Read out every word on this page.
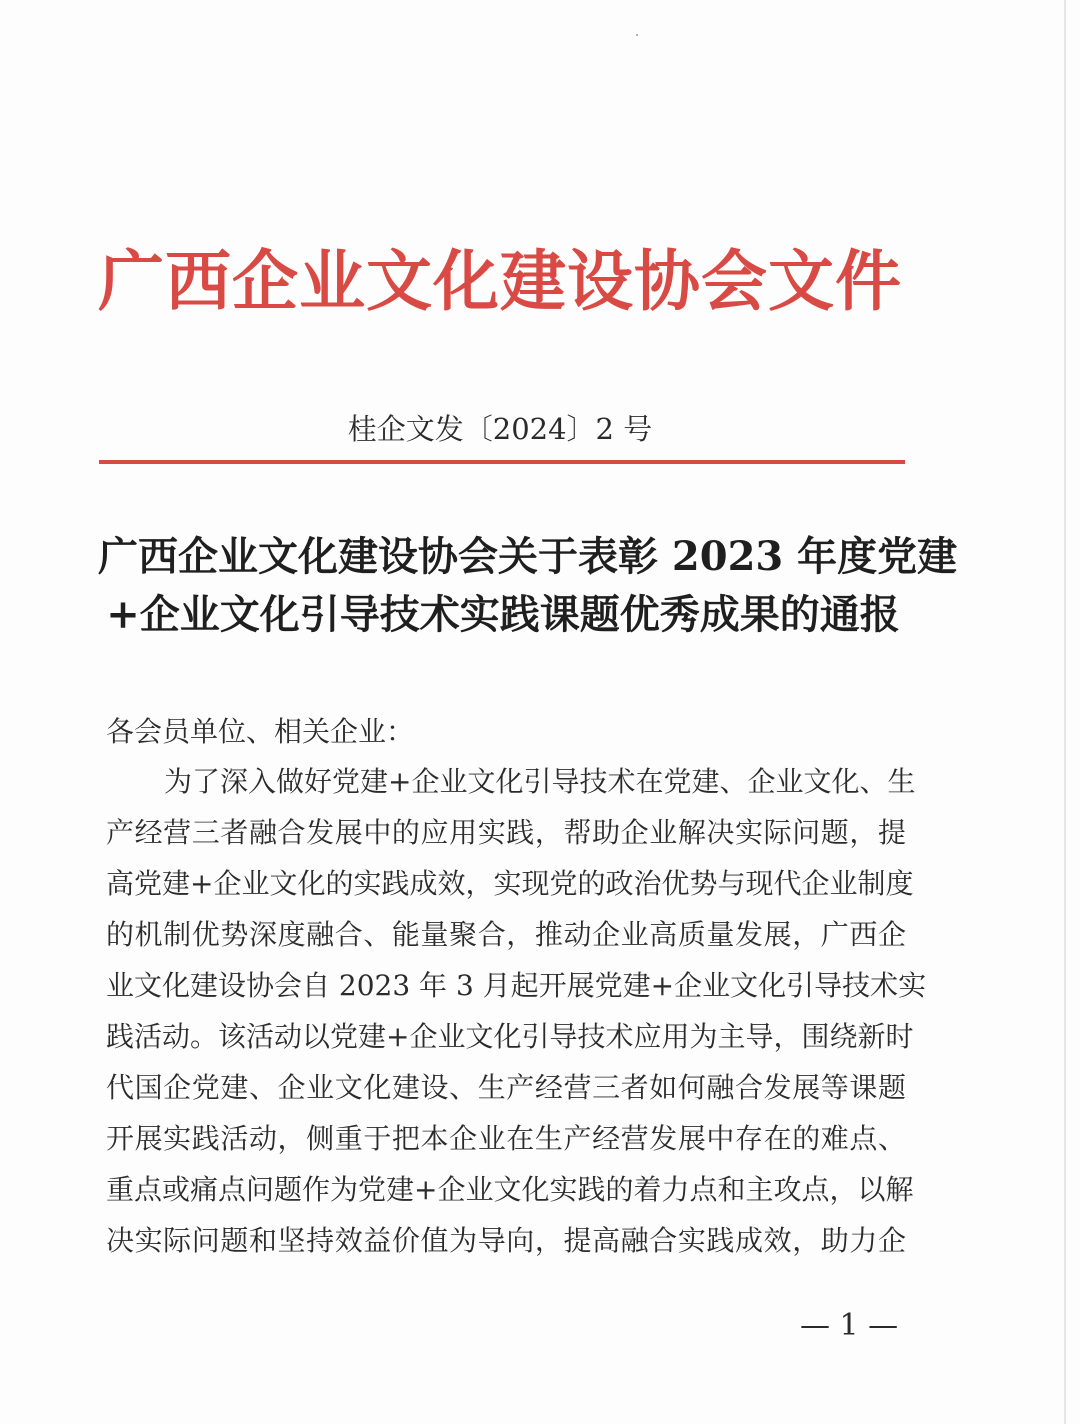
广西企业文化建设协会文件
桂企文发〔2024〕2 号
广西企业文化建设协会关于表彰 2023 年度党建
+企业文化引导技术实践课题优秀成果的通报
各会员单位、相关企业：
为了深入做好党建+企业文化引导技术在党建、企业文化、生
产经营三者融合发展中的应用实践，帮助企业解决实际问题，提
高党建+企业文化的实践成效，实现党的政治优势与现代企业制度
的机制优势深度融合、能量聚合，推动企业高质量发展，广西企
业文化建设协会自 2023 年 3 月起开展党建+企业文化引导技术实
践活动。该活动以党建+企业文化引导技术应用为主导，围绕新时
代国企党建、企业文化建设、生产经营三者如何融合发展等课题
开展实践活动，侧重于把本企业在生产经营发展中存在的难点、
重点或痛点问题作为党建+企业文化实践的着力点和主攻点，以解
决实际问题和坚持效益价值为导向，提高融合实践成效，助力企
— 1 —
